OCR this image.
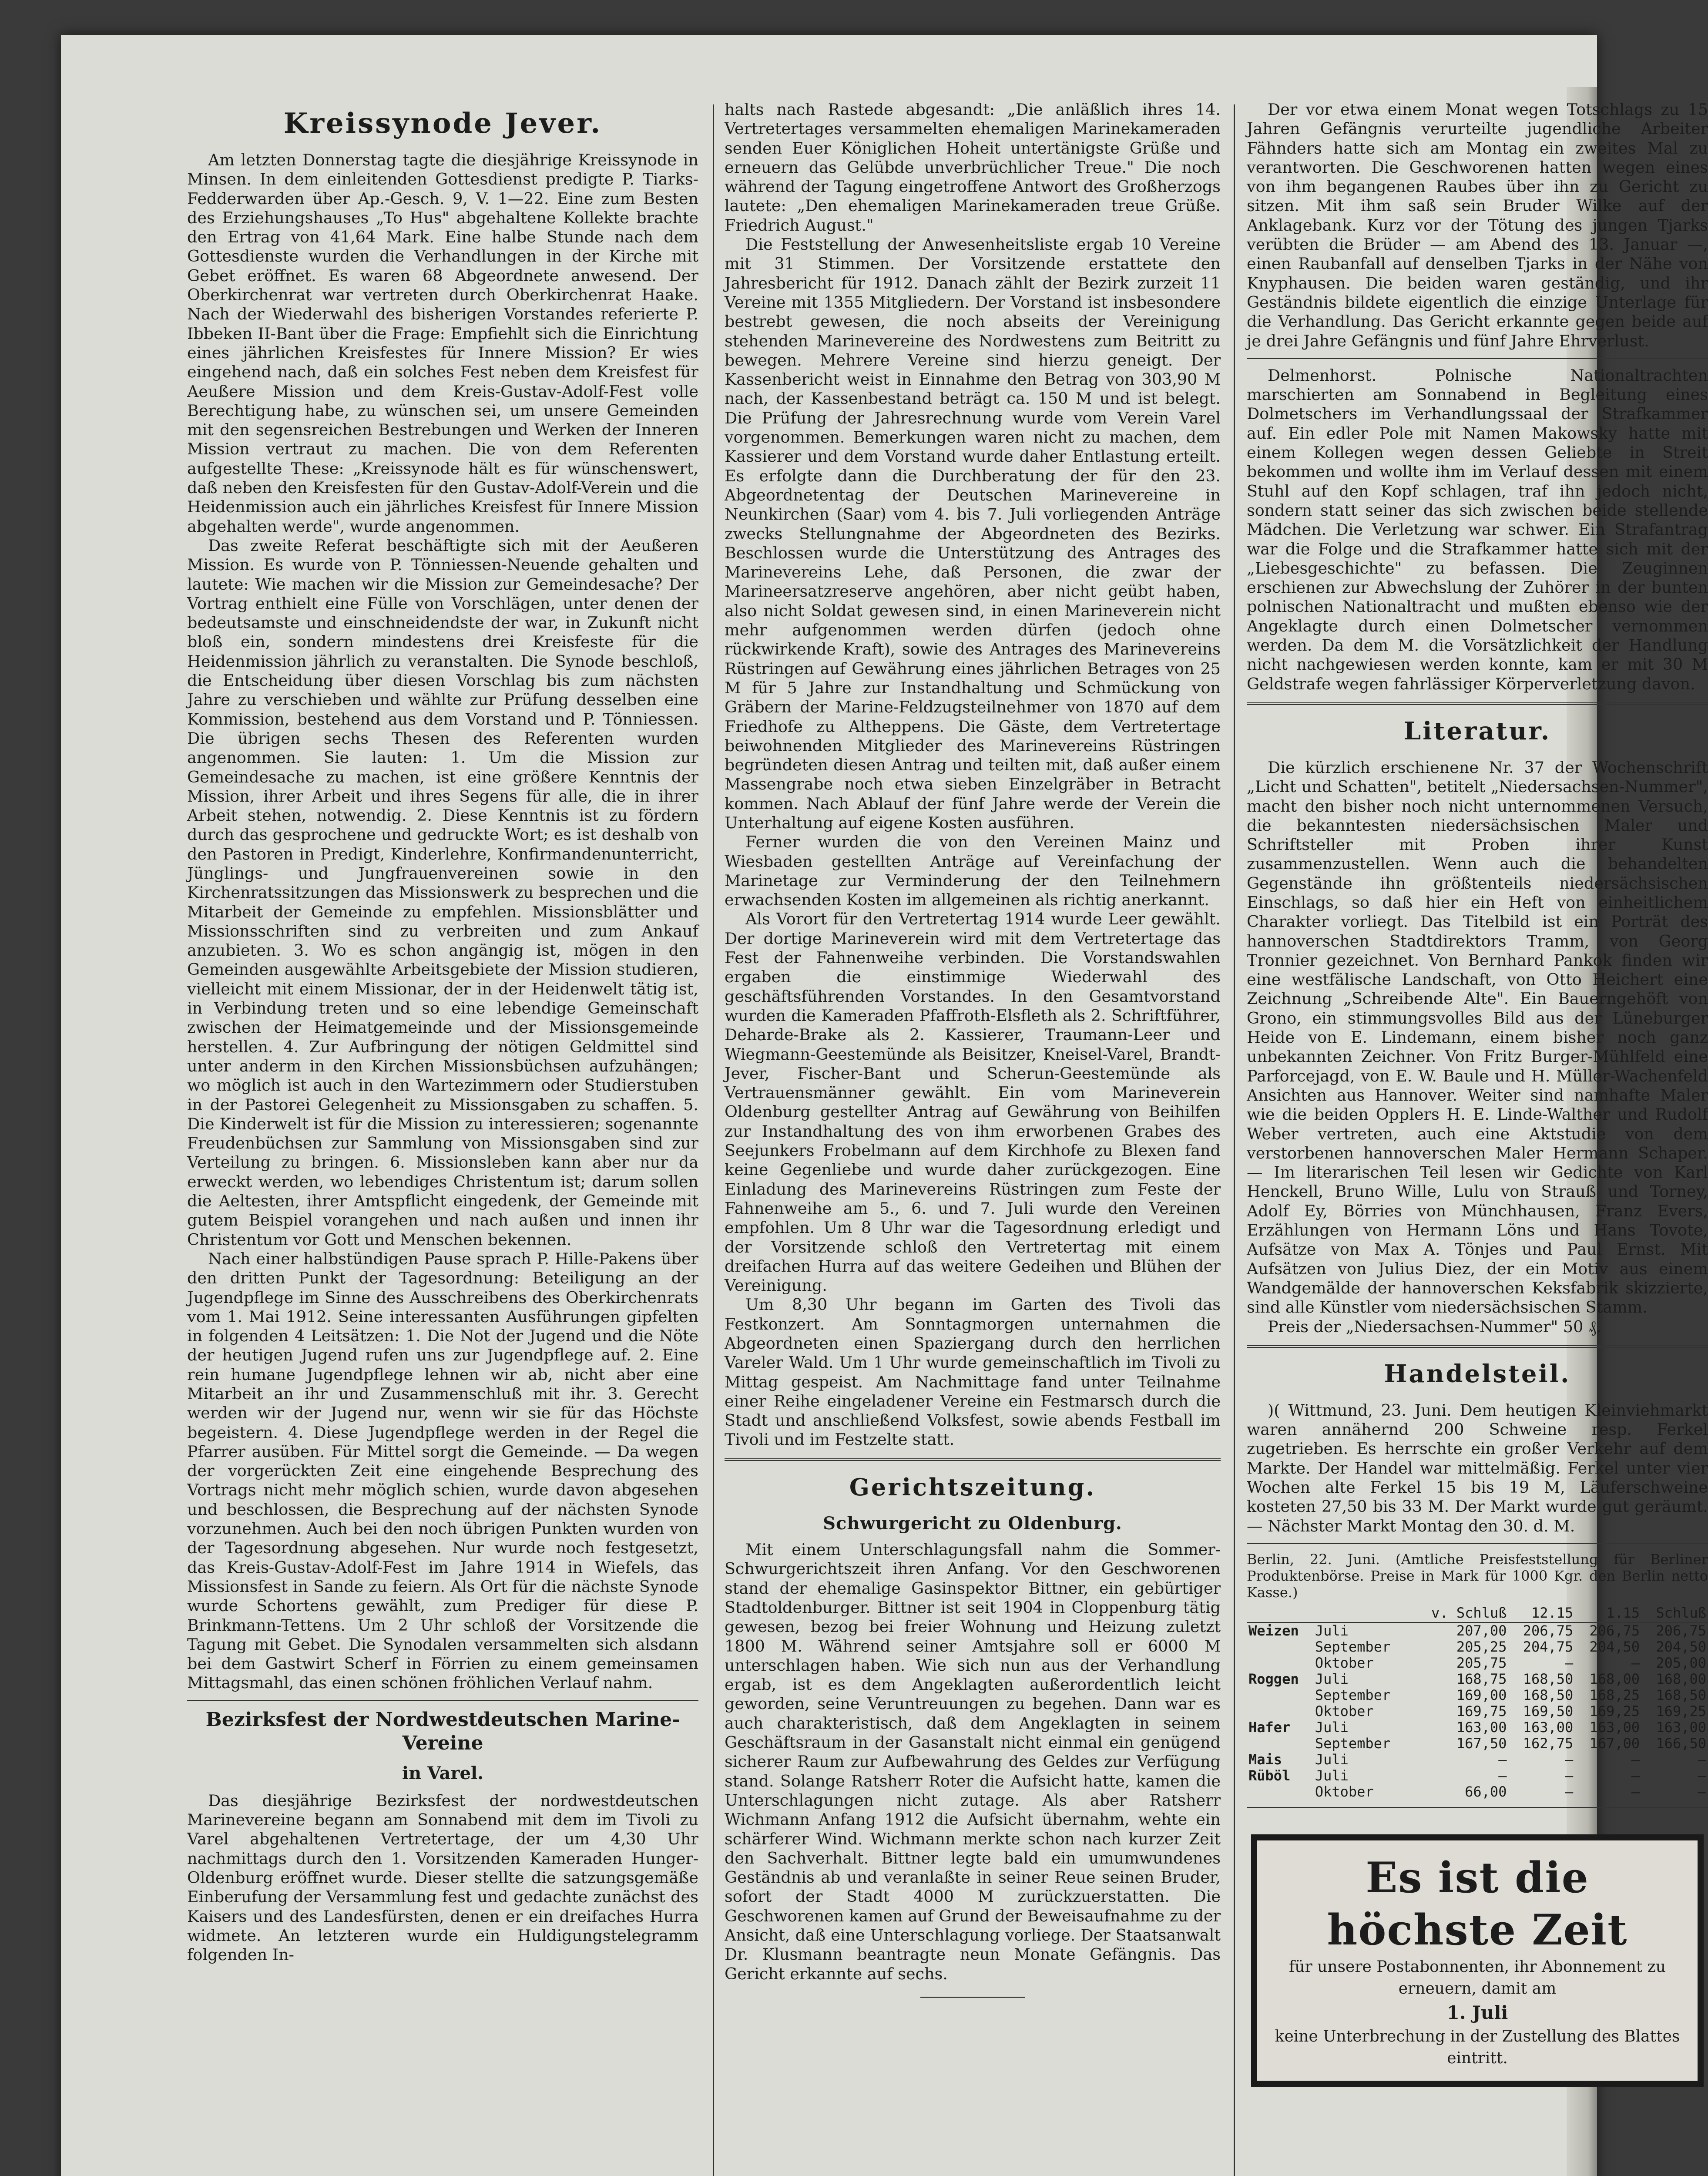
Kreissynode Jever.

Am letzten Donnerstag tagte die diesjährige Kreissynode in Minsen. In dem einleitenden Gottesdienst predigte P. Tiarks-Fedderwarden über Ap.-Gesch. 9, V. 1—22. Eine zum Besten des Erziehungshauses „To Hus" abgehaltene Kollekte brachte den Ertrag von 41,64 Mark. Eine halbe Stunde nach dem Gottesdienste wurden die Verhandlungen in der Kirche mit Gebet eröffnet. Es waren 68 Abgeordnete anwesend. Der Oberkirchenrat war vertreten durch Oberkirchenrat Haake. Nach der Wiederwahl des bisherigen Vorstandes referierte P. Ibbeken II-Bant über die Frage: Empfiehlt sich die Einrichtung eines jährlichen Kreisfestes für Innere Mission? Er wies eingehend nach, daß ein solches Fest neben dem Kreisfest für Aeußere Mission und dem Kreis-Gustav-Adolf-Fest volle Berechtigung habe, zu wünschen sei, um unsere Gemeinden mit den segensreichen Bestrebungen und Werken der Inneren Mission vertraut zu machen. Die von dem Referenten aufgestellte These: „Kreissynode hält es für wünschenswert, daß neben den Kreisfesten für den Gustav-Adolf-Verein und die Heidenmission auch ein jährliches Kreisfest für Innere Mission abgehalten werde", wurde angenommen.

Das zweite Referat beschäftigte sich mit der Aeußeren Mission. Es wurde von P. Tönniessen-Neuende gehalten und lautete: Wie machen wir die Mission zur Gemeindesache? Der Vortrag enthielt eine Fülle von Vorschlägen, unter denen der bedeutsamste und einschneidendste der war, in Zukunft nicht bloß ein, sondern mindestens drei Kreisfeste für die Heidenmission jährlich zu veranstalten. Die Synode beschloß, die Entscheidung über diesen Vorschlag bis zum nächsten Jahre zu verschieben und wählte zur Prüfung desselben eine Kommission, bestehend aus dem Vorstand und P. Tönniessen. Die übrigen sechs Thesen des Referenten wurden angenommen. Sie lauten: 1. Um die Mission zur Gemeindesache zu machen, ist eine größere Kenntnis der Mission, ihrer Arbeit und ihres Segens für alle, die in ihrer Arbeit stehen, notwendig. 2. Diese Kenntnis ist zu fördern durch das gesprochene und gedruckte Wort; es ist deshalb von den Pastoren in Predigt, Kinderlehre, Konfirmandenunterricht, Jünglings- und Jungfrauenvereinen sowie in den Kirchenratssitzungen das Missionswerk zu besprechen und die Mitarbeit der Gemeinde zu empfehlen. Missionsblätter und Missionsschriften sind zu verbreiten und zum Ankauf anzubieten. 3. Wo es schon angängig ist, mögen in den Gemeinden ausgewählte Arbeitsgebiete der Mission studieren, vielleicht mit einem Missionar, der in der Heidenwelt tätig ist, in Verbindung treten und so eine lebendige Gemeinschaft zwischen der Heimatgemeinde und der Missionsgemeinde herstellen. 4. Zur Aufbringung der nötigen Geldmittel sind unter anderm in den Kirchen Missionsbüchsen aufzuhängen; wo möglich ist auch in den Wartezimmern oder Studierstuben in der Pastorei Gelegenheit zu Missionsgaben zu schaffen. 5. Die Kinderwelt ist für die Mission zu interessieren; sogenannte Freudenbüchsen zur Sammlung von Missionsgaben sind zur Verteilung zu bringen. 6. Missionsleben kann aber nur da erweckt werden, wo lebendiges Christentum ist; darum sollen die Aeltesten, ihrer Amtspflicht eingedenk, der Gemeinde mit gutem Beispiel vorangehen und nach außen und innen ihr Christentum vor Gott und Menschen bekennen.

Nach einer halbstündigen Pause sprach P. Hille-Pakens über den dritten Punkt der Tagesordnung: Beteiligung an der Jugendpflege im Sinne des Ausschreibens des Oberkirchenrats vom 1. Mai 1912. Seine interessanten Ausführungen gipfelten in folgenden 4 Leitsätzen: 1. Die Not der Jugend und die Nöte der heutigen Jugend rufen uns zur Jugendpflege auf. 2. Eine rein humane Jugendpflege lehnen wir ab, nicht aber eine Mitarbeit an ihr und Zusammenschluß mit ihr. 3. Gerecht werden wir der Jugend nur, wenn wir sie für das Höchste begeistern. 4. Diese Jugendpflege werden in der Regel die Pfarrer ausüben. Für Mittel sorgt die Gemeinde. — Da wegen der vorgerückten Zeit eine eingehende Besprechung des Vortrags nicht mehr möglich schien, wurde davon abgesehen und beschlossen, die Besprechung auf der nächsten Synode vorzunehmen. Auch bei den noch übrigen Punkten wurden von der Tagesordnung abgesehen. Nur wurde noch festgesetzt, das Kreis-Gustav-Adolf-Fest im Jahre 1914 in Wiefels, das Missionsfest in Sande zu feiern. Als Ort für die nächste Synode wurde Schortens gewählt, zum Prediger für diese P. Brinkmann-Tettens. Um 2 Uhr schloß der Vorsitzende die Tagung mit Gebet. Die Synodalen versammelten sich alsdann bei dem Gastwirt Scherf in Förrien zu einem gemeinsamen Mittagsmahl, das einen schönen fröhlichen Verlauf nahm.

Bezirksfest der Nordwestdeutschen Marine-Vereine
in Varel.

Das diesjährige Bezirksfest der nordwestdeutschen Marinevereine begann am Sonnabend mit dem im Tivoli zu Varel abgehaltenen Vertretertage, der um 4,30 Uhr nachmittags durch den 1. Vorsitzenden Kameraden Hunger-Oldenburg eröffnet wurde. Dieser stellte die satzungsgemäße Einberufung der Versammlung fest und gedachte zunächst des Kaisers und des Landesfürsten, denen er ein dreifaches Hurra widmete. An letzteren wurde ein Huldigungstelegramm folgenden In-

halts nach Rastede abgesandt: „Die anläßlich ihres 14. Vertretertages versammelten ehemaligen Marinekameraden senden Euer Königlichen Hoheit untertänigste Grüße und erneuern das Gelübde unverbrüchlicher Treue." Die noch während der Tagung eingetroffene Antwort des Großherzogs lautete: „Den ehemaligen Marinekameraden treue Grüße. Friedrich August."

Die Feststellung der Anwesenheitsliste ergab 10 Vereine mit 31 Stimmen. Der Vorsitzende erstattete den Jahresbericht für 1912. Danach zählt der Bezirk zurzeit 11 Vereine mit 1355 Mitgliedern. Der Vorstand ist insbesondere bestrebt gewesen, die noch abseits der Vereinigung stehenden Marinevereine des Nordwestens zum Beitritt zu bewegen. Mehrere Vereine sind hierzu geneigt. Der Kassenbericht weist in Einnahme den Betrag von 303,90 M nach, der Kassenbestand beträgt ca. 150 M und ist belegt. Die Prüfung der Jahresrechnung wurde vom Verein Varel vorgenommen. Bemerkungen waren nicht zu machen, dem Kassierer und dem Vorstand wurde daher Entlastung erteilt. Es erfolgte dann die Durchberatung der für den 23. Abgeordnetentag der Deutschen Marinevereine in Neunkirchen (Saar) vom 4. bis 7. Juli vorliegenden Anträge zwecks Stellungnahme der Abgeordneten des Bezirks. Beschlossen wurde die Unterstützung des Antrages des Marinevereins Lehe, daß Personen, die zwar der Marineersatzreserve angehören, aber nicht geübt haben, also nicht Soldat gewesen sind, in einen Marineverein nicht mehr aufgenommen werden dürfen (jedoch ohne rückwirkende Kraft), sowie des Antrages des Marinevereins Rüstringen auf Gewährung eines jährlichen Betrages von 25 M für 5 Jahre zur Instandhaltung und Schmückung von Gräbern der Marine-Feldzugsteilnehmer von 1870 auf dem Friedhofe zu Altheppens. Die Gäste, dem Vertretertage beiwohnenden Mitglieder des Marinevereins Rüstringen begründeten diesen Antrag und teilten mit, daß außer einem Massengrabe noch etwa sieben Einzelgräber in Betracht kommen. Nach Ablauf der fünf Jahre werde der Verein die Unterhaltung auf eigene Kosten ausführen.

Ferner wurden die von den Vereinen Mainz und Wiesbaden gestellten Anträge auf Vereinfachung der Marinetage zur Verminderung der den Teilnehmern erwachsenden Kosten im allgemeinen als richtig anerkannt.

Als Vorort für den Vertretertag 1914 wurde Leer gewählt. Der dortige Marineverein wird mit dem Vertretertage das Fest der Fahnenweihe verbinden. Die Vorstandswahlen ergaben die einstimmige Wiederwahl des geschäftsführenden Vorstandes. In den Gesamtvorstand wurden die Kameraden Pfaffroth-Elsfleth als 2. Schriftführer, Deharde-Brake als 2. Kassierer, Traumann-Leer und Wiegmann-Geestemünde als Beisitzer, Kneisel-Varel, Brandt-Jever, Fischer-Bant und Scherun-Geestemünde als Vertrauensmänner gewählt. Ein vom Marineverein Oldenburg gestellter Antrag auf Gewährung von Beihilfen zur Instandhaltung des von ihm erworbenen Grabes des Seejunkers Frobelmann auf dem Kirchhofe zu Blexen fand keine Gegenliebe und wurde daher zurückgezogen. Eine Einladung des Marinevereins Rüstringen zum Feste der Fahnenweihe am 5., 6. und 7. Juli wurde den Vereinen empfohlen. Um 8 Uhr war die Tagesordnung erledigt und der Vorsitzende schloß den Vertretertag mit einem dreifachen Hurra auf das weitere Gedeihen und Blühen der Vereinigung.

Um 8,30 Uhr begann im Garten des Tivoli das Festkonzert. Am Sonntagmorgen unternahmen die Abgeordneten einen Spaziergang durch den herrlichen Vareler Wald. Um 1 Uhr wurde gemeinschaftlich im Tivoli zu Mittag gespeist. Am Nachmittage fand unter Teilnahme einer Reihe eingeladener Vereine ein Festmarsch durch die Stadt und anschließend Volksfest, sowie abends Festball im Tivoli und im Festzelte statt.

Gerichtszeitung.
Schwurgericht zu Oldenburg.

Mit einem Unterschlagungsfall nahm die Sommer-Schwurgerichtszeit ihren Anfang. Vor den Geschworenen stand der ehemalige Gasinspektor Bittner, ein gebürtiger Stadtoldenburger. Bittner ist seit 1904 in Cloppenburg tätig gewesen, bezog bei freier Wohnung und Heizung zuletzt 1800 M. Während seiner Amtsjahre soll er 6000 M unterschlagen haben. Wie sich nun aus der Verhandlung ergab, ist es dem Angeklagten außerordentlich leicht geworden, seine Veruntreuungen zu begehen. Dann war es auch charakteristisch, daß dem Angeklagten in seinem Geschäftsraum in der Gasanstalt nicht einmal ein genügend sicherer Raum zur Aufbewahrung des Geldes zur Verfügung stand. Solange Ratsherr Roter die Aufsicht hatte, kamen die Unterschlagungen nicht zutage. Als aber Ratsherr Wichmann Anfang 1912 die Aufsicht übernahm, wehte ein schärferer Wind. Wichmann merkte schon nach kurzer Zeit den Sachverhalt. Bittner legte bald ein umumwundenes Geständnis ab und veranlaßte in seiner Reue seinen Bruder, sofort der Stadt 4000 M zurückzuerstatten. Die Geschworenen kamen auf Grund der Beweisaufnahme zu der Ansicht, daß eine Unterschlagung vorliege. Der Staatsanwalt Dr. Klusmann beantragte neun Monate Gefängnis. Das Gericht erkannte auf sechs.

Der vor etwa einem Monat wegen Totschlags zu 15 Jahren Gefängnis verurteilte jugendliche Arbeiter Fähnders hatte sich am Montag ein zweites Mal zu verantworten. Die Geschworenen hatten wegen eines von ihm begangenen Raubes über ihn zu Gericht zu sitzen. Mit ihm saß sein Bruder Wilke auf der Anklagebank. Kurz vor der Tötung des jungen Tjarks verübten die Brüder — am Abend des 13. Januar —, einen Raubanfall auf denselben Tjarks in der Nähe von Knyphausen. Die beiden waren geständig, und ihr Geständnis bildete eigentlich die einzige Unterlage für die Verhandlung. Das Gericht erkannte gegen beide auf je drei Jahre Gefängnis und fünf Jahre Ehrverlust.

Delmenhorst. Polnische Nationaltrachten marschierten am Sonnabend in Begleitung eines Dolmetschers im Verhandlungssaal der Strafkammer auf. Ein edler Pole mit Namen Makowsky hatte mit einem Kollegen wegen dessen Geliebte in Streit bekommen und wollte ihm im Verlauf dessen mit einem Stuhl auf den Kopf schlagen, traf ihn jedoch nicht, sondern statt seiner das sich zwischen beide stellende Mädchen. Die Verletzung war schwer. Ein Strafantrag war die Folge und die Strafkammer hatte sich mit der „Liebesgeschichte" zu befassen. Die Zeuginnen erschienen zur Abwechslung der Zuhörer in der bunten polnischen Nationaltracht und mußten ebenso wie der Angeklagte durch einen Dolmetscher vernommen werden. Da dem M. die Vorsätzlichkeit der Handlung nicht nachgewiesen werden konnte, kam er mit 30 M Geldstrafe wegen fahrlässiger Körperverletzung davon.

Literatur.

Die kürzlich erschienene Nr. 37 der Wochenschrift „Licht und Schatten", betitelt „Niedersachsen-Nummer", macht den bisher noch nicht unternommenen Versuch, die bekanntesten niedersächsischen Maler und Schriftsteller mit Proben ihrer Kunst zusammenzustellen. Wenn auch die behandelten Gegenstände ihn größtenteils niedersächsischen Einschlags, so daß hier ein Heft von einheitlichem Charakter vorliegt. Das Titelbild ist ein Porträt des hannoverschen Stadtdirektors Tramm, von Georg Tronnier gezeichnet. Von Bernhard Pankok finden wir eine westfälische Landschaft, von Otto Heichert eine Zeichnung „Schreibende Alte". Ein Bauerngehöft von Grono, ein stimmungsvolles Bild aus der Lüneburger Heide von E. Lindemann, einem bisher noch ganz unbekannten Zeichner. Von Fritz Burger-Mühlfeld eine Parforcejagd, von E. W. Baule und H. Müller-Wachenfeld Ansichten aus Hannover. Weiter sind namhafte Maler wie die beiden Opplers H. E. Linde-Walther und Rudolf Weber vertreten, auch eine Aktstudie von dem verstorbenen hannoverschen Maler Hermann Schaper. — Im literarischen Teil lesen wir Gedichte von Karl Henckell, Bruno Wille, Lulu von Strauß und Torney, Adolf Ey, Börries von Münchhausen, Franz Evers, Erzählungen von Hermann Löns und Hans Tovote, Aufsätze von Max A. Tönjes und Paul Ernst. Mit Aufsätzen von Julius Diez, der ein Motiv aus einem Wandgemälde der hannoverschen Keksfabrik skizzierte, sind alle Künstler vom niedersächsischen Stamm.

Preis der „Niedersachsen-Nummer" 50 ₰.

Handelsteil.

)( Wittmund, 23. Juni. Dem heutigen Kleinviehmarkt waren annähernd 200 Schweine resp. Ferkel zugetrieben. Es herrschte ein großer Verkehr auf dem Markte. Der Handel war mittelmäßig. Ferkel unter vier Wochen alte Ferkel 15 bis 19 M, Läuferschweine kosteten 27,50 bis 33 M. Der Markt wurde gut geräumt. — Nächster Markt Montag den 30. d. M.

Berlin, 22. Juni. (Amtliche Preisfeststellung für Berliner Produktenbörse. Preise in Mark für 1000 Kgr. den Berlin netto Kasse.)

		v. Schluß	12.15	1.15	Schluß
Weizen	Juli	207,00	206,75	206,75	206,75
	September	205,25	204,75	204,50	204,50
	Oktober	205,75	—	—	205,00
Roggen	Juli	168,75	168,50	168,00	168,00
	September	169,00	168,50	168,25	168,50
	Oktober	169,75	169,50	169,25	169,25
Hafer	Juli	163,00	163,00	163,00	163,00
	September	167,50	162,75	167,00	166,50
Mais	Juli	—	—	—	—
Rüböl	Juli	—	—	—	—
	Oktober	66,00	—	—	—
Es ist die höchste Zeit
für unsere Postabonnenten, ihr Abonnement zu erneuern, damit am
1. Juli
keine Unterbrechung in der Zustellung des Blattes eintritt.
